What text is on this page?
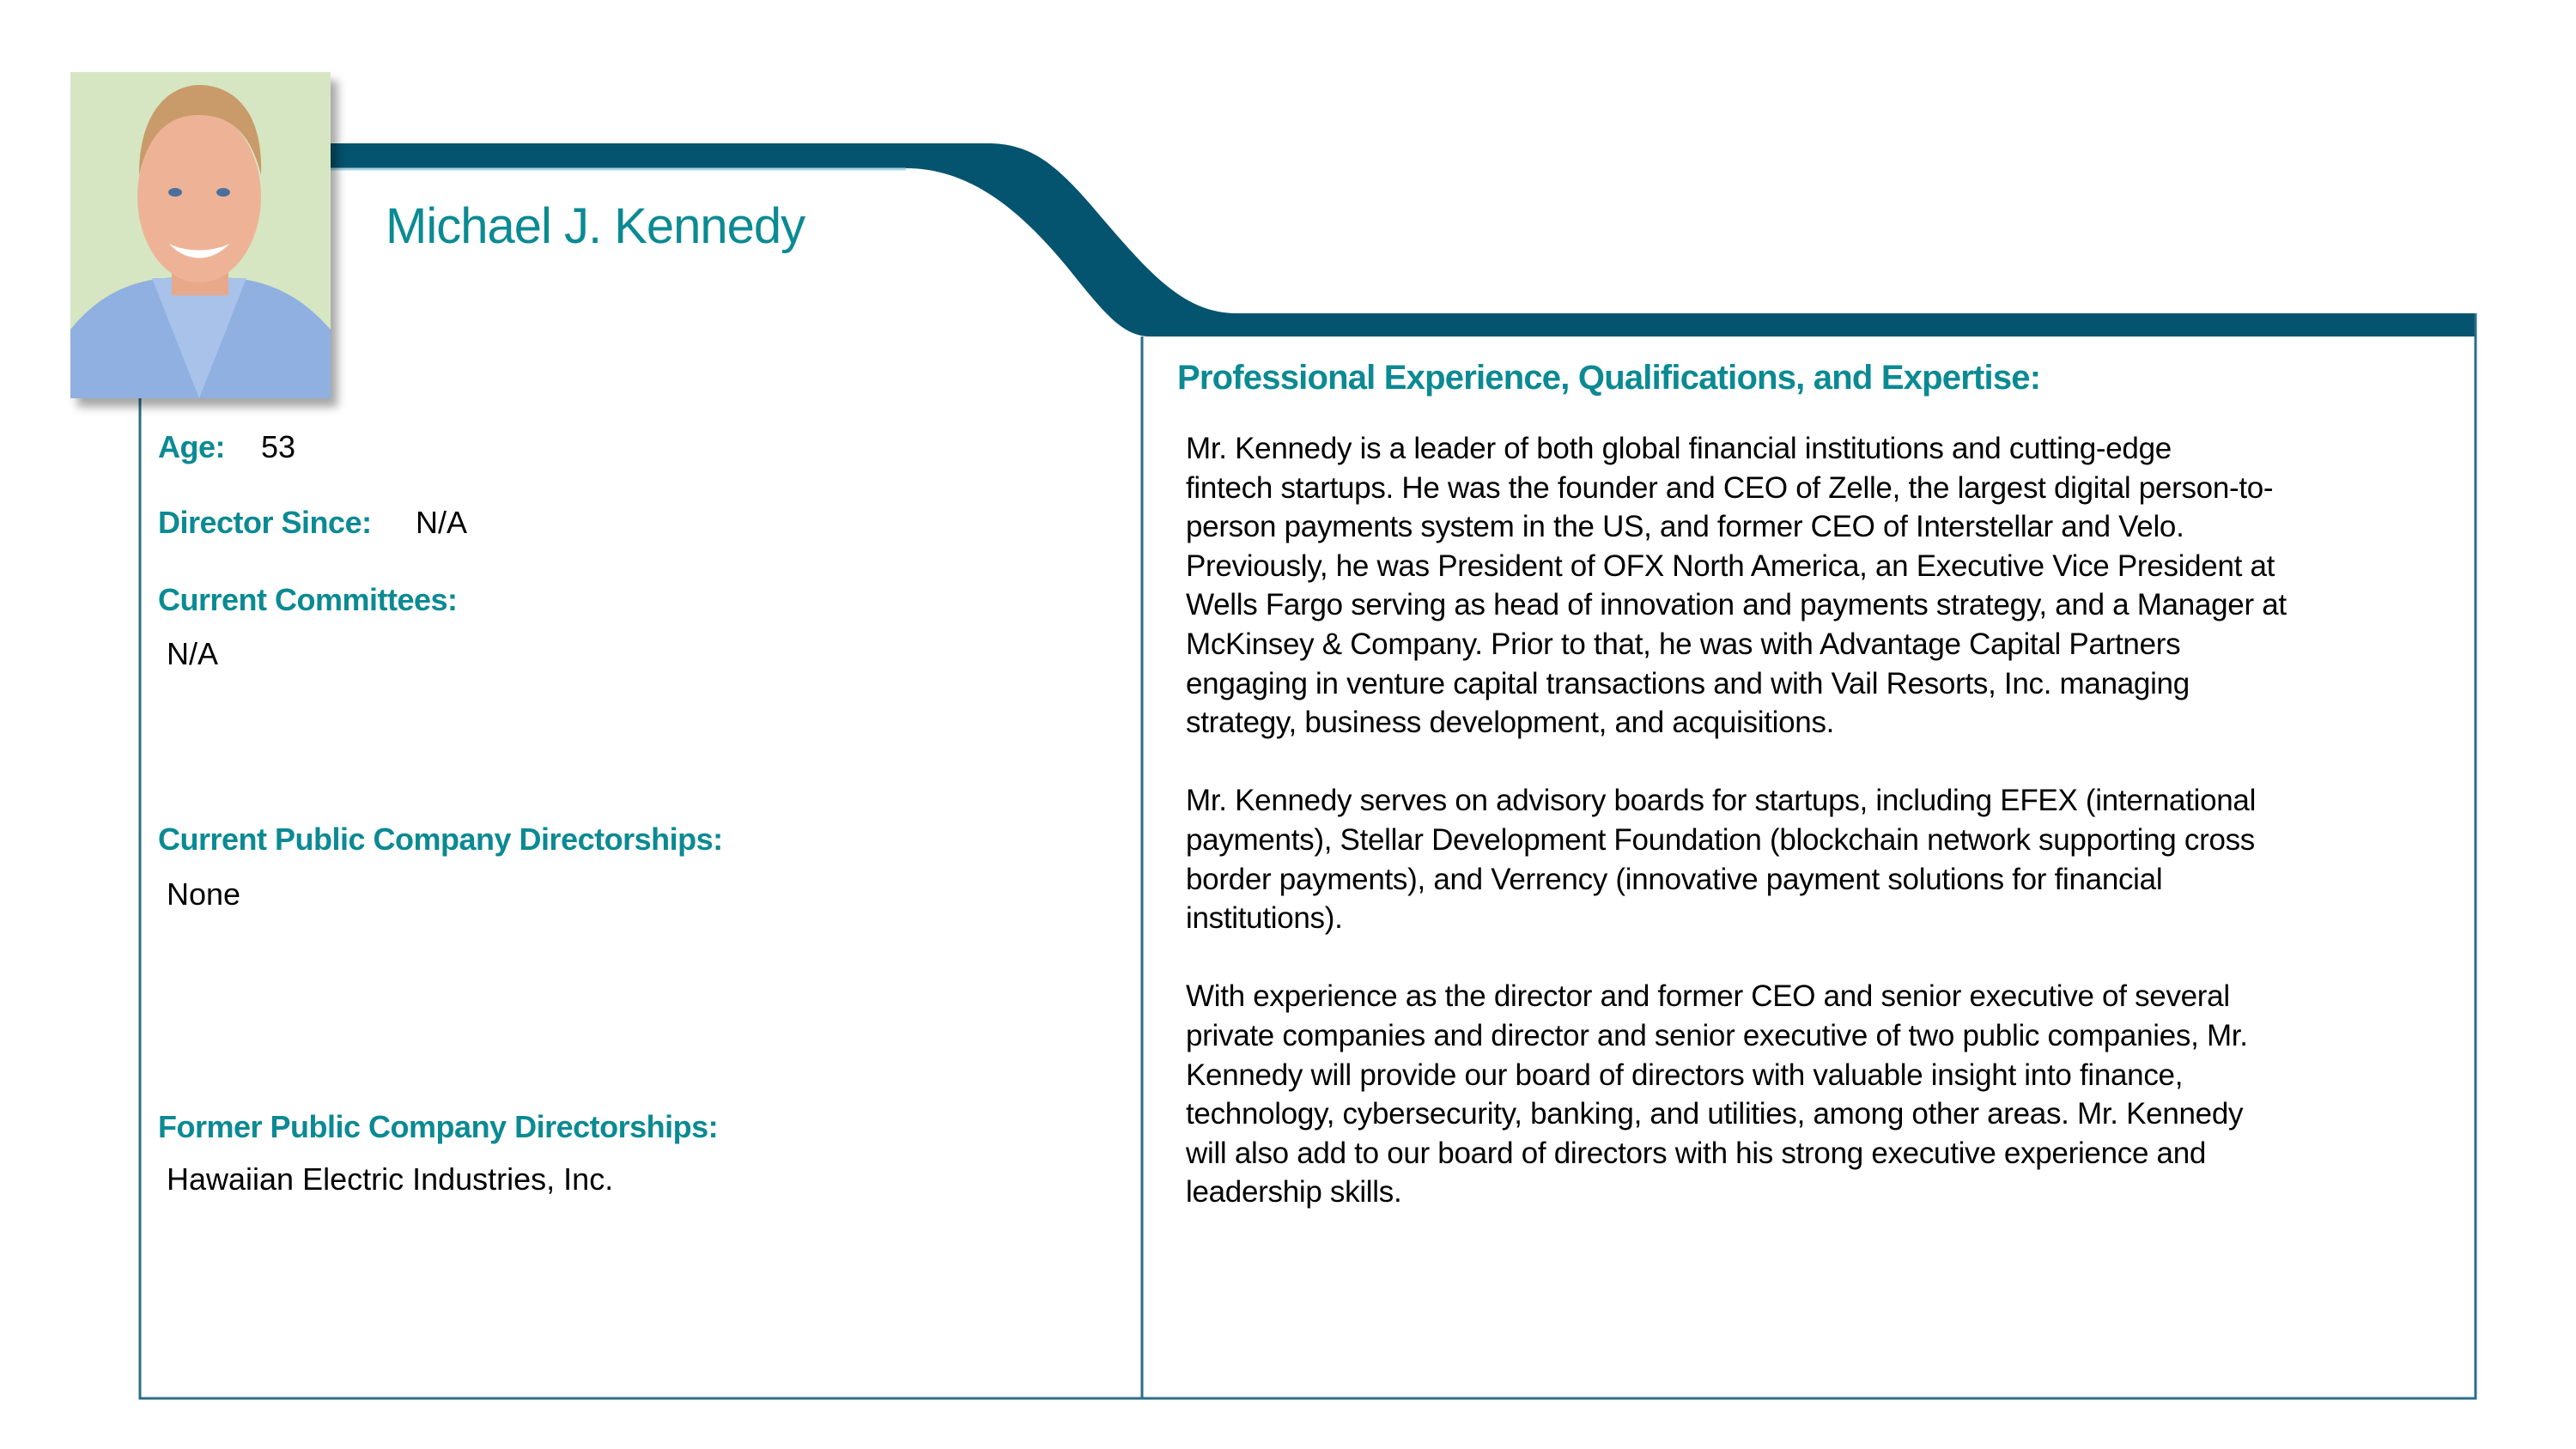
Michael J. Kennedy
Age: 53
Director Since: N/A
Current Committees:
N/A
Current Public Company Directorships:
None
Former Public Company Directorships:
Hawaiian Electric Industries, Inc.
Professional Experience, Qualifications, and Expertise:
Mr. Kennedy is a leader of both global financial institutions and cutting-edge
fintech startups. He was the founder and CEO of Zelle, the largest digital person-to-
person payments system in the US, and former CEO of Interstellar and Velo.
Previously, he was President of OFX North America, an Executive Vice President at
Wells Fargo serving as head of innovation and payments strategy, and a Manager at
McKinsey & Company. Prior to that, he was with Advantage Capital Partners
engaging in venture capital transactions and with Vail Resorts, Inc. managing
strategy, business development, and acquisitions.
Mr. Kennedy serves on advisory boards for startups, including EFEX (international
payments), Stellar Development Foundation (blockchain network supporting cross
border payments), and Verrency (innovative payment solutions for financial
institutions).
With experience as the director and former CEO and senior executive of several
private companies and director and senior executive of two public companies, Mr.
Kennedy will provide our board of directors with valuable insight into finance,
technology, cybersecurity, banking, and utilities, among other areas. Mr. Kennedy
will also add to our board of directors with his strong executive experience and
leadership skills.
